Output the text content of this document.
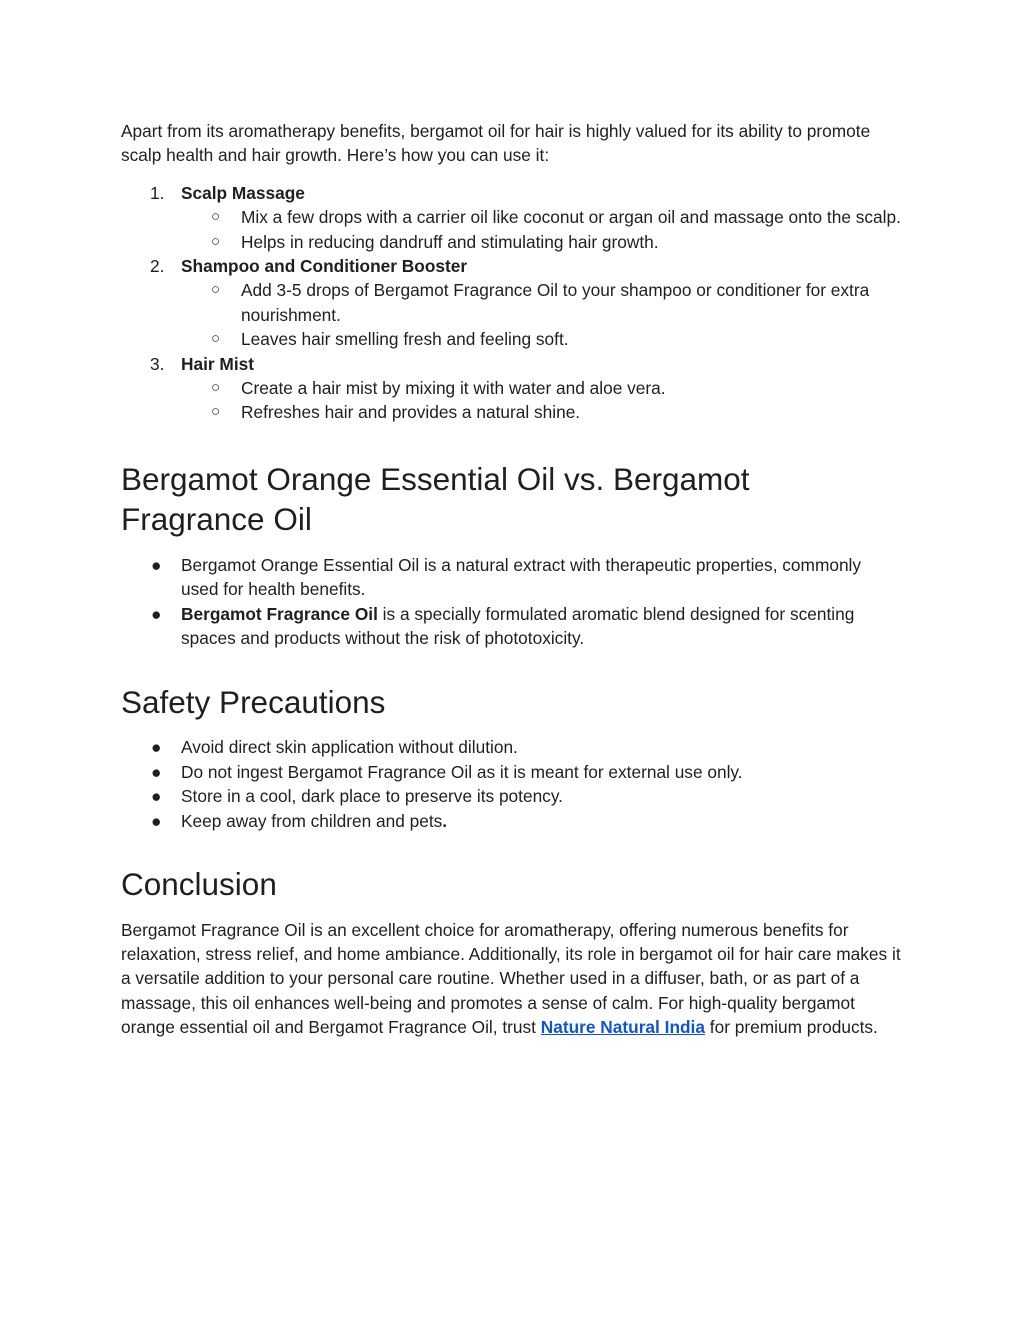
Apart from its aromatherapy benefits, bergamot oil for hair is highly valued for its ability to promote scalp health and hair growth. Here’s how you can use it:

1. Scalp Massage
○ Mix a few drops with a carrier oil like coconut or argan oil and massage onto the scalp.
○ Helps in reducing dandruff and stimulating hair growth.
2. Shampoo and Conditioner Booster
○ Add 3-5 drops of Bergamot Fragrance Oil to your shampoo or conditioner for extra nourishment.
○ Leaves hair smelling fresh and feeling soft.
3. Hair Mist
○ Create a hair mist by mixing it with water and aloe vera.
○ Refreshes hair and provides a natural shine.
Bergamot Orange Essential Oil vs. Bergamot Fragrance Oil
● Bergamot Orange Essential Oil is a natural extract with therapeutic properties, commonly used for health benefits.
● Bergamot Fragrance Oil is a specially formulated aromatic blend designed for scenting spaces and products without the risk of phototoxicity.
Safety Precautions
● Avoid direct skin application without dilution.
● Do not ingest Bergamot Fragrance Oil as it is meant for external use only.
● Store in a cool, dark place to preserve its potency.
● Keep away from children and pets.
Conclusion

Bergamot Fragrance Oil is an excellent choice for aromatherapy, offering numerous benefits for relaxation, stress relief, and home ambiance. Additionally, its role in bergamot oil for hair care makes it a versatile addition to your personal care routine. Whether used in a diffuser, bath, or as part of a massage, this oil enhances well-being and promotes a sense of calm. For high-quality bergamot orange essential oil and Bergamot Fragrance Oil, trust Nature Natural India for premium products.
